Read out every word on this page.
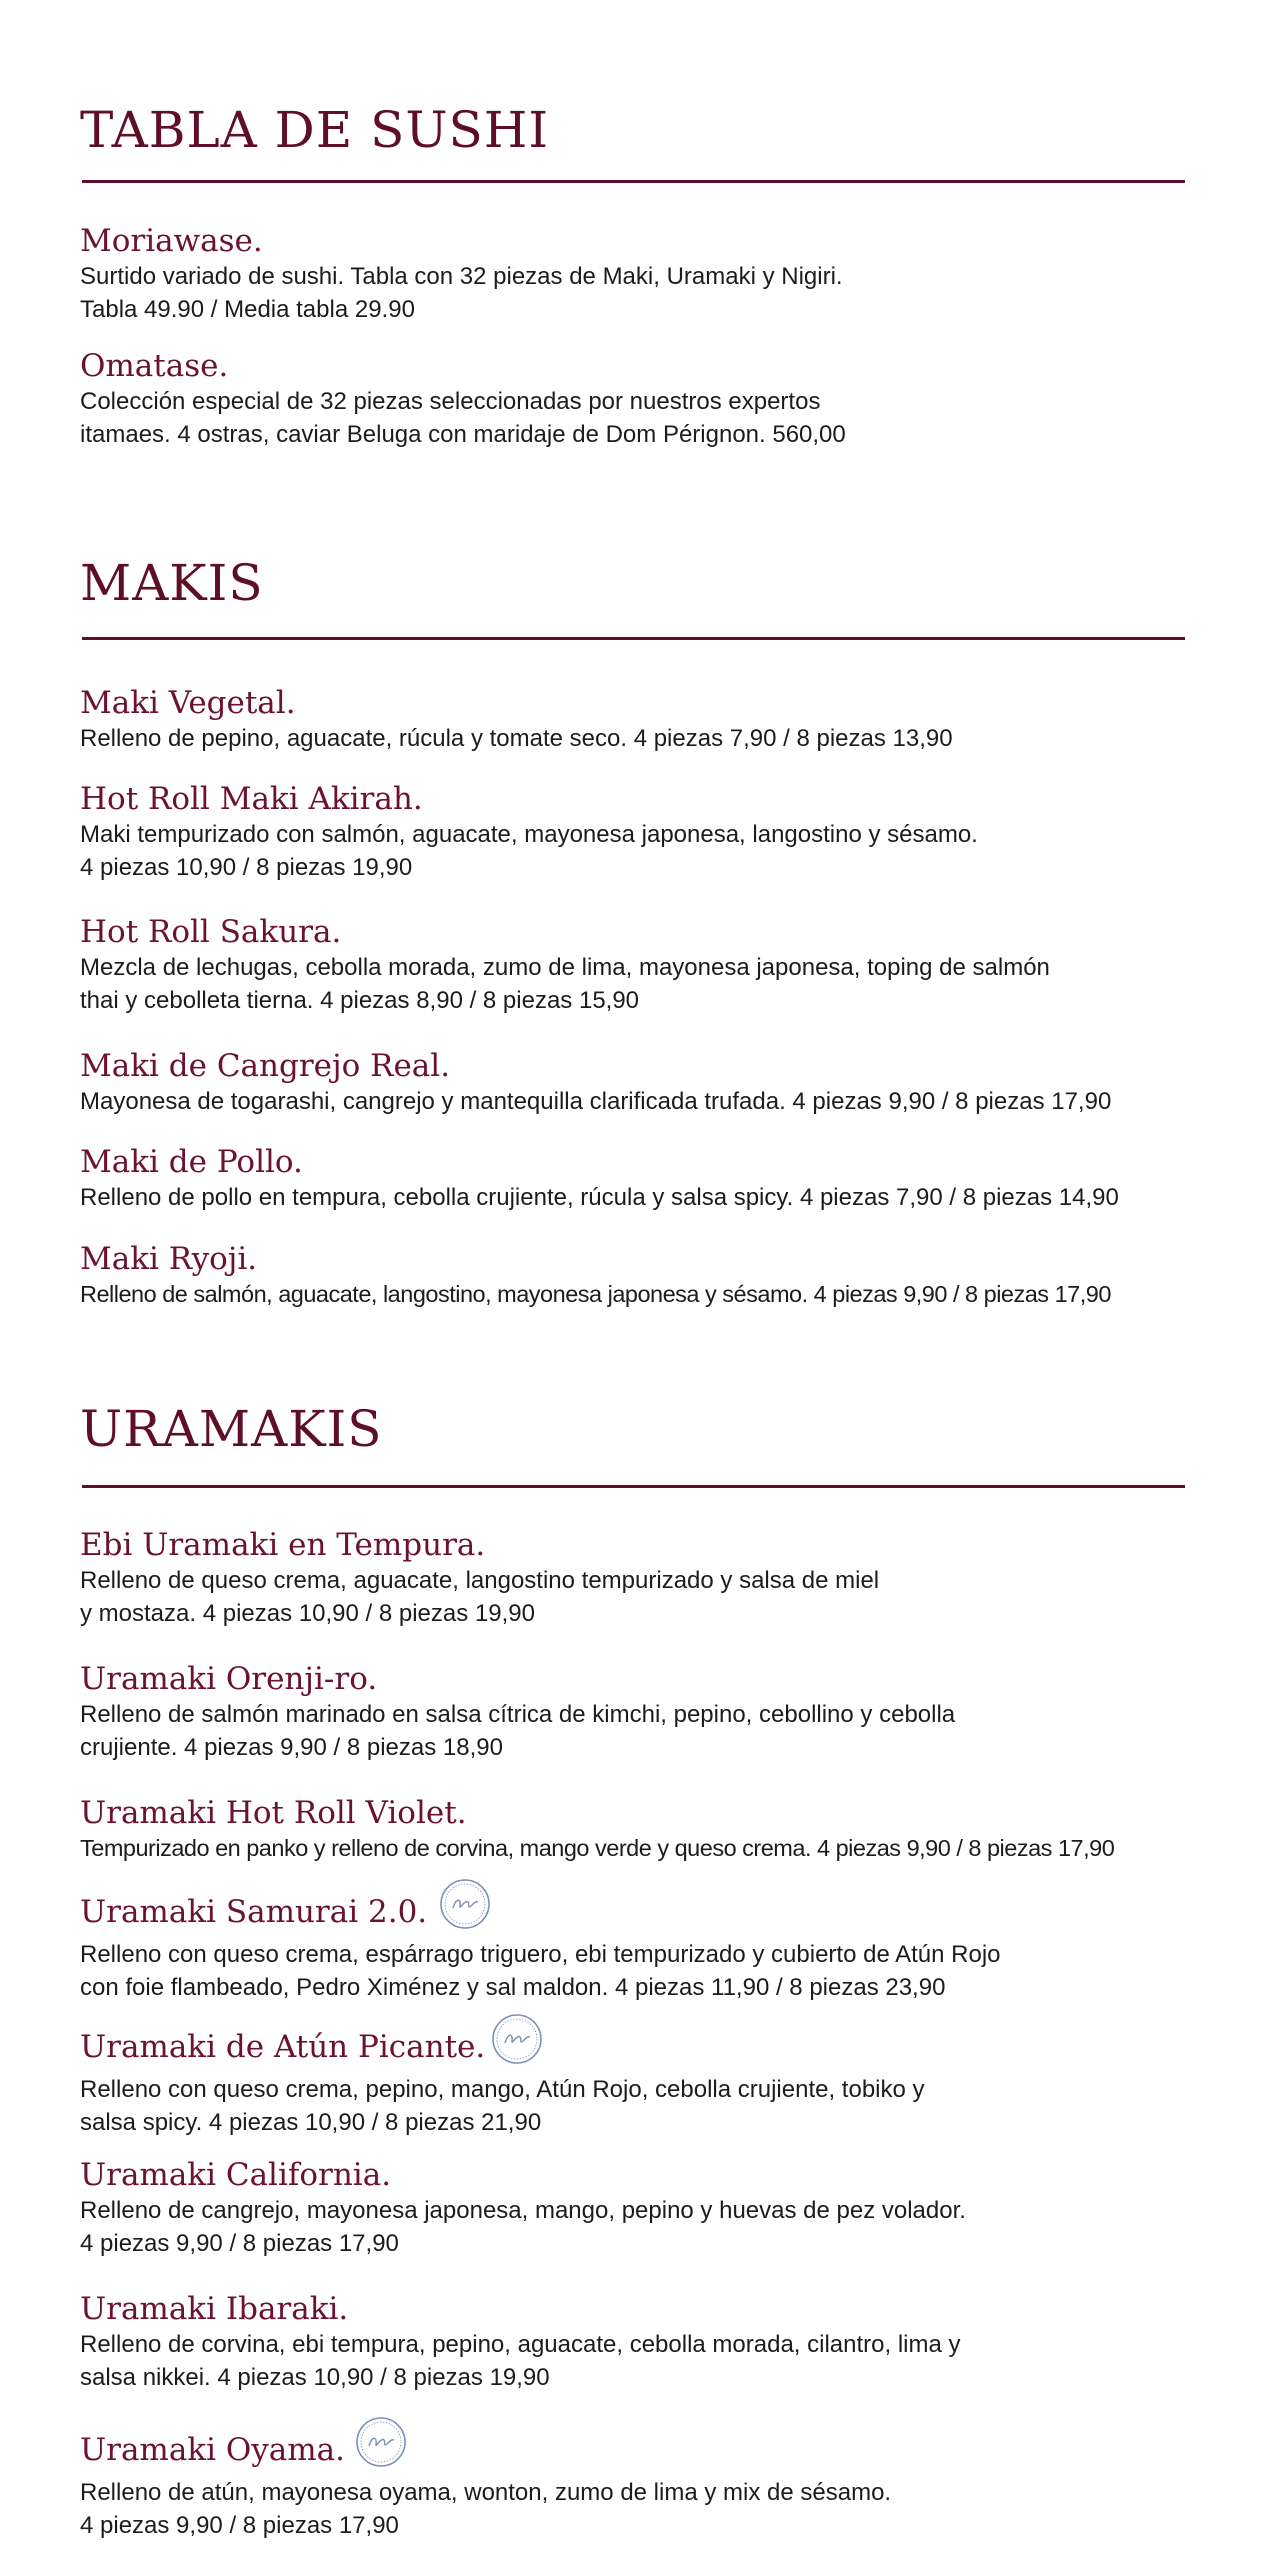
TABLA DE SUSHI

Moriawase.

Surtido variado de sushi. Tabla con 32 piezas de Maki, Uramaki y Nigiri.
Tabla 49.90 / Media tabla 29.90

Omatase.

Colección especial de 32 piezas seleccionadas por nuestros expertos
itamaes. 4 ostras, caviar Beluga con maridaje de Dom Pérignon. 560,00

MAKIS

Maki Vegetal.

Relleno de pepino, aguacate, rúcula y tomate seco. 4 piezas 7,90 / 8 piezas 13,90

Hot Roll Maki Akirah.

Maki tempurizado con salmón, aguacate, mayonesa japonesa, langostino y sésamo.
4 piezas 10,90 / 8 piezas 19,90

Hot Roll Sakura.

Mezcla de lechugas, cebolla morada, zumo de lima, mayonesa japonesa, toping de salmón
thai y cebolleta tierna. 4 piezas 8,90 / 8 piezas 15,90

Maki de Cangrejo Real.

Mayonesa de togarashi, cangrejo y mantequilla clarificada trufada. 4 piezas 9,90 / 8 piezas 17,90

Maki de Pollo.

Relleno de pollo en tempura, cebolla crujiente, rúcula y salsa spicy. 4 piezas 7,90 / 8 piezas 14,90

Maki Ryoji.

Relleno de salmón, aguacate, langostino, mayonesa japonesa y sésamo. 4 piezas 9,90 / 8 piezas 17,90

URAMAKIS

Ebi Uramaki en Tempura.

Relleno de queso crema, aguacate, langostino tempurizado y salsa de miel
y mostaza. 4 piezas 10,90 / 8 piezas 19,90

Uramaki Orenji-ro.

Relleno de salmón marinado en salsa cítrica de kimchi, pepino, cebollino y cebolla
crujiente. 4 piezas 9,90 / 8 piezas 18,90

Uramaki Hot Roll Violet.

Tempurizado en panko y relleno de corvina, mango verde y queso crema. 4 piezas 9,90 / 8 piezas 17,90

Uramaki Samurai 2.0.

Relleno con queso crema, espárrago triguero, ebi tempurizado y cubierto de Atún Rojo
con foie flambeado, Pedro Ximénez y sal maldon. 4 piezas 11,90 / 8 piezas 23,90

Uramaki de Atún Picante.

Relleno con queso crema, pepino, mango, Atún Rojo, cebolla crujiente, tobiko y
salsa spicy. 4 piezas 10,90 / 8 piezas 21,90

Uramaki California.

Relleno de cangrejo, mayonesa japonesa, mango, pepino y huevas de pez volador.
4 piezas 9,90 / 8 piezas 17,90

Uramaki Ibaraki.

Relleno de corvina, ebi tempura, pepino, aguacate, cebolla morada, cilantro, lima y
salsa nikkei. 4 piezas 10,90 / 8 piezas 19,90

Uramaki Oyama.

Relleno de atún, mayonesa oyama, wonton, zumo de lima y mix de sésamo.
4 piezas 9,90 / 8 piezas 17,90
